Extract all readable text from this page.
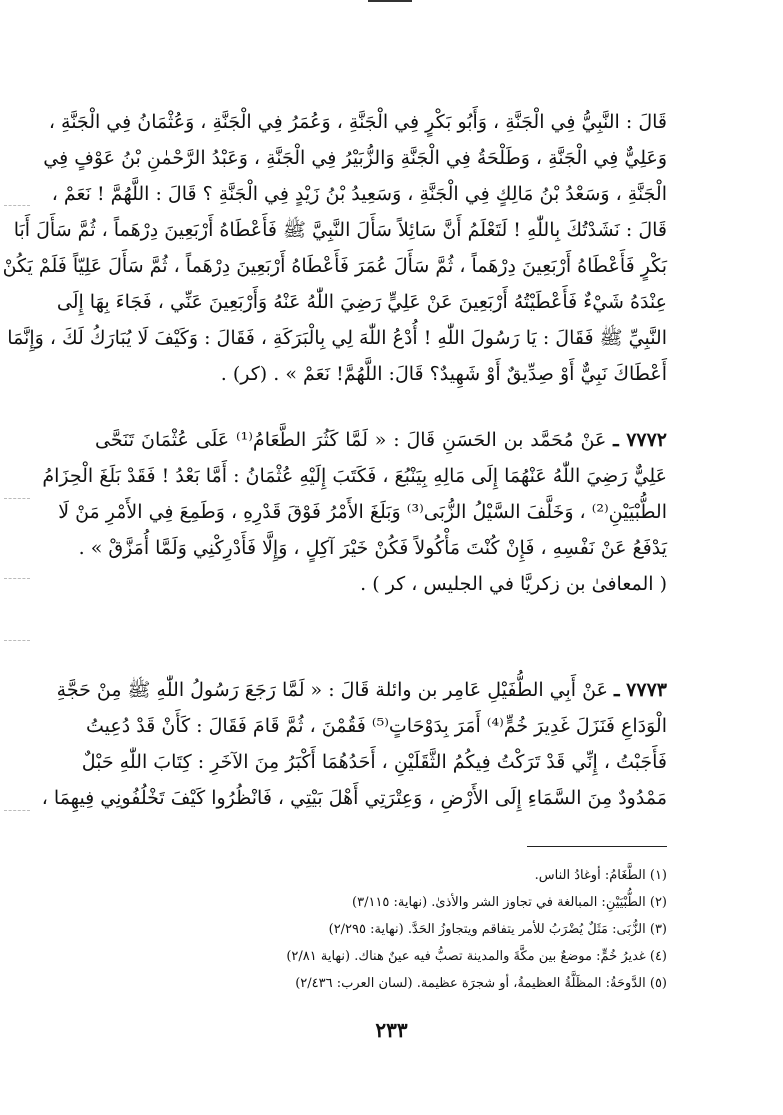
قَالَ : النَّبِيُّ فِي الْجَنَّةِ ، وَأَبُو بَكْرٍ فِي الْجَنَّةِ ، وَعُمَرُ فِي الْجَنَّةِ ، وَعُثْمَانُ فِي الْجَنَّةِ ،
وَعَلِيٌّ فِي الْجَنَّةِ ، وَطَلْحَةُ فِي الْجَنَّةِ وَالزُّبَيْرُ فِي الْجَنَّةِ ، وَعَبْدُ الرَّحْمٰنِ بْنُ عَوْفٍ فِي
الْجَنَّةِ ، وَسَعْدُ بْنُ مَالِكٍ فِي الْجَنَّةِ ، وَسَعِيدُ بْنُ زَيْدٍ فِي الْجَنَّةِ ؟ قَالَ : اللَّهُمَّ ! نَعَمْ ،
قَالَ : نَشَدْتُكَ بِاللّٰهِ ! لَتَعْلَمُ أَنَّ سَائِلاً سَأَلَ النَّبِيَّ ﷺ فَأَعْطَاهُ أَرْبَعِينَ دِرْهَماً ، ثُمَّ سَأَلَ أَبَا
بَكْرٍ فَأَعْطَاهُ أَرْبَعِينَ دِرْهَماً ، ثُمَّ سَأَلَ عُمَرَ فَأَعْطَاهُ أَرْبَعِينَ دِرْهَماً ، ثُمَّ سَأَلَ عَلِيّاً فَلَمْ يَكُنْ
عِنْدَهُ شَيْءٌ فَأَعْطَيْتُهُ أَرْبَعِينَ عَنْ عَلِيٍّ رَضِيَ اللّٰهُ عَنْهُ وَأَرْبَعِينَ عَنِّي ، فَجَاءَ بِهَا إِلَى
النَّبِيِّ ﷺ فَقَالَ : يَا رَسُولَ اللّٰهِ ! أُدْعُ اللّٰهَ لِي بِالْبَرَكَةِ ، فَقَالَ : وَكَيْفَ لَا يُبَارَكُ لَكَ ، وَإِنَّمَا
أَعْطَاكَ نَبِيٌّ أَوْ صِدِّيقٌ أَوْ شَهِيدٌ؟ قَالَ: اللَّهُمَّ! نَعَمْ » . (كر) .
٧٧٧٢ ـ عَنْ مُحَمَّد بن الحَسَنِ قَالَ : « لَمَّا كَثُرَ الطَّعَامُ⁽¹⁾ عَلَى عُثْمَانَ تَنَحَّى
عَلِيٌّ رَضِيَ اللّٰهُ عَنْهُمَا إِلَى مَالِهِ بِيَنْبُعَ ، فَكَتَبَ إِلَيْهِ عُثْمَانُ : أَمَّا بَعْدُ ! فَقَدْ بَلَغَ الْحِزَامُ
الطُّبْيَيْنِ⁽²⁾ ، وَخَلَّفَ السَّيْلُ الزُّبَى⁽³⁾ وَبَلَغَ الأَمْرُ فَوْقَ قَدْرِهِ ، وَطَمِعَ فِي الأَمْرِ مَنْ لَا
يَدْفَعُ عَنْ نَفْسِهِ ، فَإِنْ كُنْتَ مَأْكُولاً فَكُنْ خَيْرَ آكِلٍ ، وَإِلَّا فَأَدْرِكْنِي وَلَمَّا أُمَزَّقْ » .
( المعافىٰ بن زكريَّا في الجليس ، كر ) .
٧٧٧٣ ـ عَنْ أَبِي الطُّفَيْلِ عَامِر بن وائلة قَالَ : « لَمَّا رَجَعَ رَسُولُ اللّٰهِ ﷺ مِنْ حَجَّةِ
الْوَدَاعِ فَنَزَلَ غَدِيرَ خُمٍّ⁽⁴⁾ أَمَرَ بِدَوْحَاتٍ⁽⁵⁾ فَقُمْنَ ، ثُمَّ قَامَ فَقَالَ : كَأَنْ قَدْ دُعِيتُ
فَأَجَبْتُ ، إِنِّي قَدْ تَرَكْتُ فِيكُمُ الثَّقَلَيْنِ ، أَحَدُهُمَا أَكْبَرُ مِنَ الآخَرِ : كِتَابَ اللّٰهِ حَبْلٌ
مَمْدُودٌ مِنَ السَّمَاءِ إِلَى الأَرْضِ ، وَعِتْرَتِي أَهْلَ بَيْتِي ، فَانْظُرُوا كَيْفَ تَخْلُفُونِي فِيهِمَا ،
(١) الطَّغَامُ: أوغادُ الناس.
(٢) الطُّبْيَيْنِ: المبالغة في تجاوز الشر والأذىٰ. (نهاية: ٣/١١٥)
(٣) الزُّبَى: مَثَلٌ يُضْرَبُ للأمر يتفاقم ويتجاوزُ الحَدَّ. (نهاية: ٢/٢٩٥)
(٤) غديرُ خُمٍّ: موضعٌ بين مكَّةَ والمدينة تصبُّ فيه عينٌ هناك. (نهاية ٢/٨١)
(٥) الدَّوحَةُ: المظَلَّةُ العظيمةُ، أو شجرَة عظيمة. (لسان العرب: ٢/٤٣٦)
٢٣٣
